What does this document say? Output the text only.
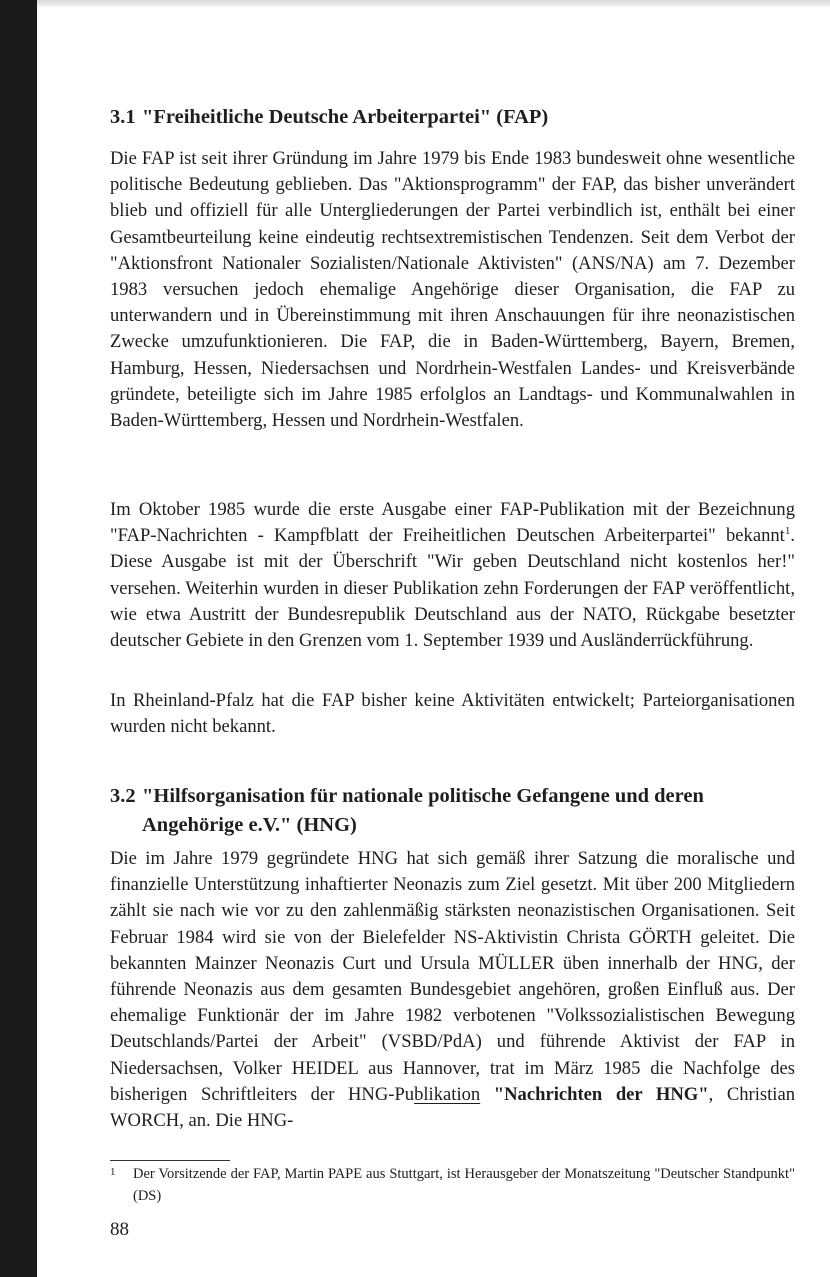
3.1 "Freiheitliche Deutsche Arbeiterpartei" (FAP)

Die FAP ist seit ihrer Gründung im Jahre 1979 bis Ende 1983 bundesweit ohne wesentliche politische Bedeutung geblieben. Das "Aktionsprogramm" der FAP, das bisher unverändert blieb und offiziell für alle Untergliederungen der Partei verbindlich ist, enthält bei einer Gesamtbeurteilung keine eindeutig rechtsextremistischen Tendenzen. Seit dem Verbot der "Aktionsfront Nationaler Sozialisten/Nationale Aktivisten" (ANS/NA) am 7. Dezember 1983 versuchen jedoch ehemalige Angehörige dieser Organisation, die FAP zu unterwandern und in Übereinstimmung mit ihren Anschauungen für ihre neonazistischen Zwecke umzufunktionieren. Die FAP, die in Baden-Württemberg, Bayern, Bremen, Hamburg, Hessen, Niedersachsen und Nordrhein-Westfalen Landes- und Kreisverbände gründete, beteiligte sich im Jahre 1985 erfolglos an Landtags- und Kommunalwahlen in Baden-Württemberg, Hessen und Nordrhein-Westfalen.

Im Oktober 1985 wurde die erste Ausgabe einer FAP-Publikation mit der Bezeichnung "FAP-Nachrichten - Kampfblatt der Freiheitlichen Deutschen Arbeiterpartei" bekannt$^1$. Diese Ausgabe ist mit der Überschrift "Wir geben Deutschland nicht kostenlos her!" versehen. Weiterhin wurden in dieser Publikation zehn Forderungen der FAP veröffentlicht, wie etwa Austritt der Bundesrepublik Deutschland aus der NATO, Rückgabe besetzter deutscher Gebiete in den Grenzen vom 1. September 1939 und Ausländerrückführung.

In Rheinland-Pfalz hat die FAP bisher keine Aktivitäten entwickelt; Parteiorganisationen wurden nicht bekannt.

3.2 "Hilfsorganisation für nationale politische Gefangene und deren
Angehörige e.V." (HNG)

Die im Jahre 1979 gegründete HNG hat sich gemäß ihrer Satzung die moralische und finanzielle Unterstützung inhaftierter Neonazis zum Ziel gesetzt. Mit über 200 Mitgliedern zählt sie nach wie vor zu den zahlenmäßig stärksten neonazistischen Organisationen. Seit Februar 1984 wird sie von der Bielefelder NS-Aktivistin Christa GÖRTH geleitet. Die bekannten Mainzer Neonazis Curt und Ursula MÜLLER üben innerhalb der HNG, der führende Neonazis aus dem gesamten Bundesgebiet angehören, großen Einfluß aus. Der ehemalige Funktionär der im Jahre 1982 verbotenen "Volkssozialistischen Bewegung Deutschlands/Partei der Arbeit" (VSBD/PdA) und führende Aktivist der FAP in Niedersachsen, Volker HEIDEL aus Hannover, trat im März 1985 die Nachfolge des bisherigen Schriftleiters der HNG-Publikation "Nachrichten der HNG", Christian WORCH, an. Die HNG-

1	Der Vorsitzende der FAP, Martin PAPE aus Stuttgart, ist Herausgeber der Monatszeitung "Deutscher Standpunkt" (DS)

88
